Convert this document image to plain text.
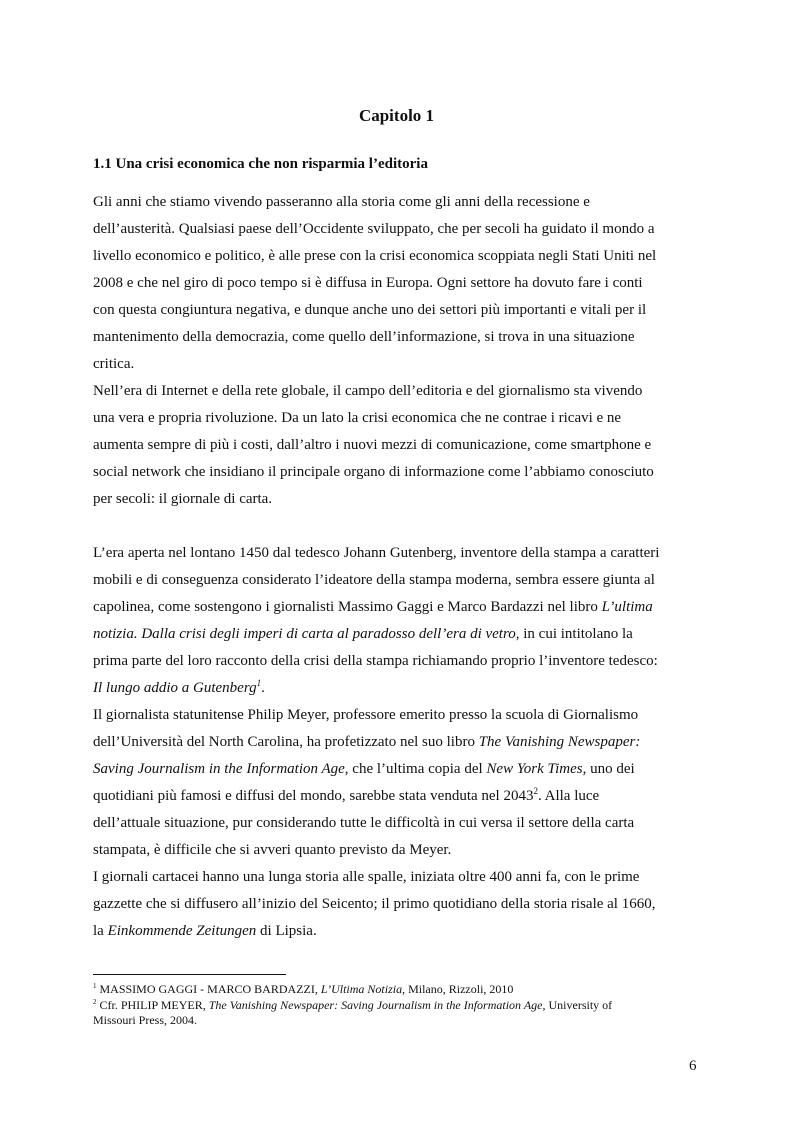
Capitolo 1
1.1 Una crisi economica che non risparmia l’editoria
Gli anni che stiamo vivendo passeranno alla storia come gli anni della recessione e
dell’austerità. Qualsiasi paese dell’Occidente sviluppato, che per secoli ha guidato il mondo a
livello economico e politico, è alle prese con la crisi economica scoppiata negli Stati Uniti nel
2008 e che nel giro di poco tempo si è diffusa in Europa. Ogni settore ha dovuto fare i conti
con questa congiuntura negativa, e dunque anche uno dei settori più importanti e vitali per il
mantenimento della democrazia, come quello dell’informazione, si trova in una situazione
critica.
Nell’era di Internet e della rete globale, il campo dell’editoria e del giornalismo sta vivendo
una vera e propria rivoluzione. Da un lato la crisi economica che ne contrae i ricavi e ne
aumenta sempre di più i costi, dall’altro i nuovi mezzi di comunicazione, come smartphone e
social network che insidiano il principale organo di informazione come l’abbiamo conosciuto
per secoli: il giornale di carta.
L’era aperta nel lontano 1450 dal tedesco Johann Gutenberg, inventore della stampa a caratteri
mobili e di conseguenza considerato l’ideatore della stampa moderna, sembra essere giunta al
capolinea, come sostengono i giornalisti Massimo Gaggi e Marco Bardazzi nel libro L’ultima
notizia. Dalla crisi degli imperi di carta al paradosso dell’era di vetro, in cui intitolano la
prima parte del loro racconto della crisi della stampa richiamando proprio l’inventore tedesco:
Il lungo addio a Gutenberg$^1$.
Il giornalista statunitense Philip Meyer, professore emerito presso la scuola di Giornalismo
dell’Università del North Carolina, ha profetizzato nel suo libro The Vanishing Newspaper:
Saving Journalism in the Information Age, che l’ultima copia del New York Times, uno dei
quotidiani più famosi e diffusi del mondo, sarebbe stata venduta nel 2043$^2$. Alla luce
dell’attuale situazione, pur considerando tutte le difficoltà in cui versa il settore della carta
stampata, è difficile che si avveri quanto previsto da Meyer.
I giornali cartacei hanno una lunga storia alle spalle, iniziata oltre 400 anni fa, con le prime
gazzette che si diffusero all’inizio del Seicento; il primo quotidiano della storia risale al 1660,
la Einkommende Zeitungen di Lipsia.
$^1$ MASSIMO GAGGI - MARCO BARDAZZI, L’Ultima Notizia, Milano, Rizzoli, 2010
$^2$ Cfr. PHILIP MEYER, The Vanishing Newspaper: Saving Journalism in the Information Age, University of
Missouri Press, 2004.
6
